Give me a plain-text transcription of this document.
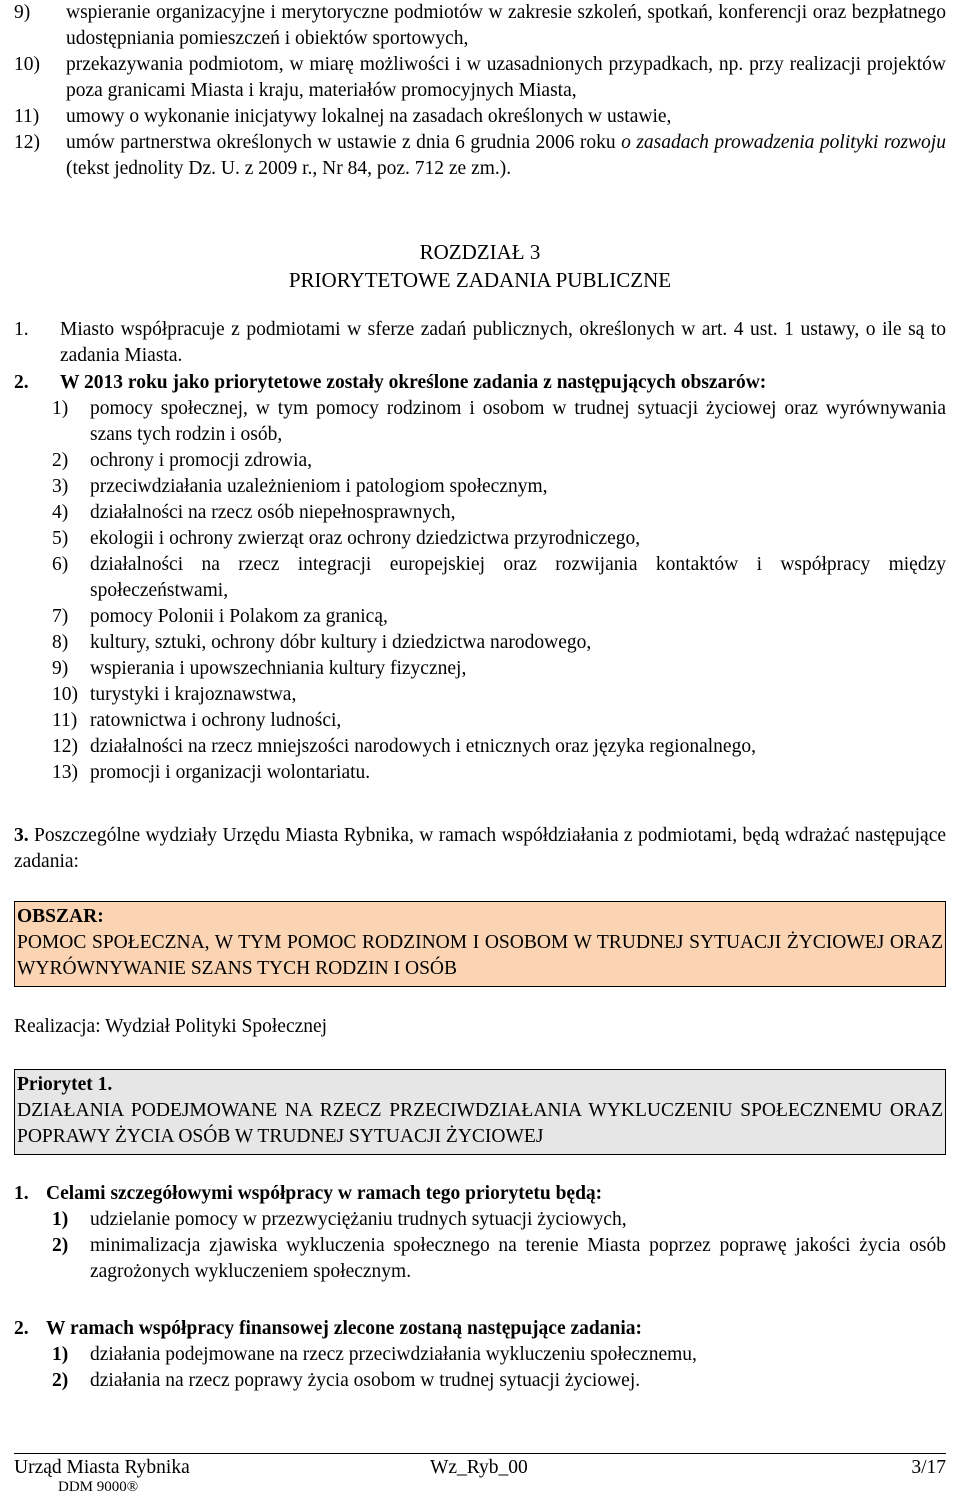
9) wspieranie organizacyjne i merytoryczne podmiotów w zakresie szkoleń, spotkań, konferencji oraz bezpłatnego udostępniania pomieszczeń i obiektów sportowych,

10) przekazywania podmiotom, w miarę możliwości i w uzasadnionych przypadkach, np. przy realizacji projektów poza granicami Miasta i kraju, materiałów promocyjnych Miasta,

11) umowy o wykonanie inicjatywy lokalnej na zasadach określonych w ustawie,

12) umów partnerstwa określonych w ustawie z dnia 6 grudnia 2006 roku o zasadach prowadzenia polityki rozwoju (tekst jednolity Dz. U. z 2009 r., Nr 84, poz. 712 ze zm.).

ROZDZIAŁ 3
PRIORYTETOWE ZADANIA PUBLICZNE

1. Miasto współpracuje z podmiotami w sferze zadań publicznych, określonych w art. 4 ust. 1 ustawy, o ile są to zadania Miasta.

2. W 2013 roku jako priorytetowe zostały określone zadania z następujących obszarów:

1) pomocy społecznej, w tym pomocy rodzinom i osobom w trudnej sytuacji życiowej oraz wyrównywania szans tych rodzin i osób,

2) ochrony i promocji zdrowia,

3) przeciwdziałania uzależnieniom i patologiom społecznym,

4) działalności na rzecz osób niepełnosprawnych,

5) ekologii i ochrony zwierząt oraz ochrony dziedzictwa przyrodniczego,

6) działalności na rzecz integracji europejskiej oraz rozwijania kontaktów i współpracy między społeczeństwami,

7) pomocy Polonii i Polakom za granicą,

8) kultury, sztuki, ochrony dóbr kultury i dziedzictwa narodowego,

9) wspierania i upowszechniania kultury fizycznej,

10) turystyki i krajoznawstwa,

11) ratownictwa i ochrony ludności,

12) działalności na rzecz mniejszości narodowych i etnicznych oraz języka regionalnego,

13) promocji i organizacji wolontariatu.

3. Poszczególne wydziały Urzędu Miasta Rybnika, w ramach współdziałania z podmiotami, będą wdrażać następujące zadania:

OBSZAR:
POMOC SPOŁECZNA, W TYM POMOC RODZINOM I OSOBOM W TRUDNEJ SYTUACJI ŻYCIOWEJ ORAZ WYRÓWNYWANIE SZANS TYCH RODZIN I OSÓB
Realizacja: Wydział Polityki Społecznej
Priorytet 1.
DZIAŁANIA PODEJMOWANE NA RZECZ PRZECIWDZIAŁANIA WYKLUCZENIU SPOŁECZNEMU ORAZ POPRAWY ŻYCIA OSÓB W TRUDNEJ SYTUACJI ŻYCIOWEJ

1. Celami szczegółowymi współpracy w ramach tego priorytetu będą:

1) udzielanie pomocy w przezwyciężaniu trudnych sytuacji życiowych,

2) minimalizacja zjawiska wykluczenia społecznego na terenie Miasta poprzez poprawę jakości życia osób zagrożonych wykluczeniem społecznym.

2. W ramach współpracy finansowej zlecone zostaną następujące zadania:

1) działania podejmowane na rzecz przeciwdziałania wykluczeniu społecznemu,

2) działania na rzecz poprawy życia osobom w trudnej sytuacji życiowej.

Urząd Miasta Rybnika	Wz_Ryb_00	3/17
DDM 9000®
